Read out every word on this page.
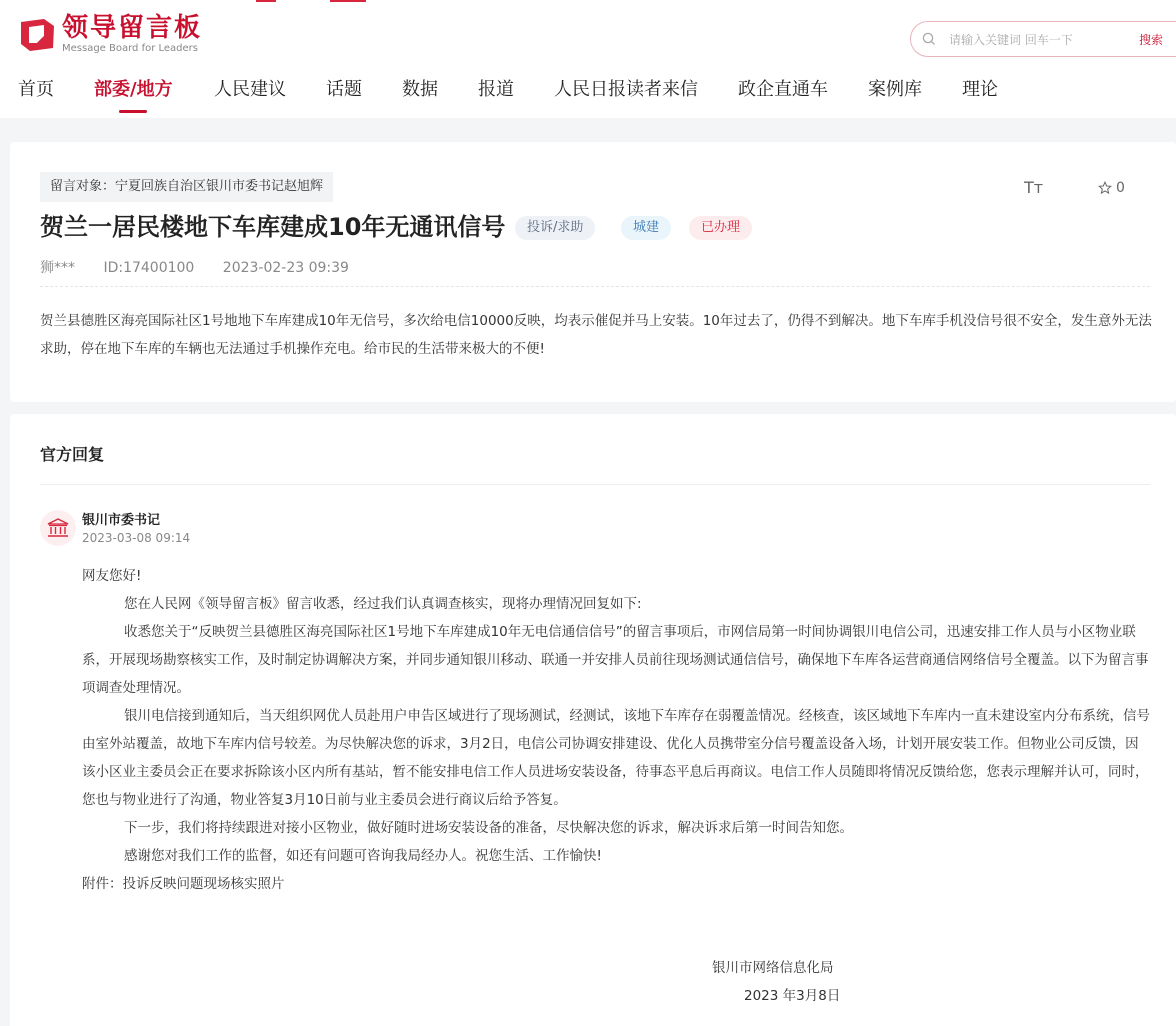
领导留言板
Message Board for Leaders
请输入关键词 回车一下
搜索
首页 部委/地方 人民建议 话题 数据 报道 人民日报读者来信 政企直通车 案例库 理论
留言对象：宁夏回族自治区银川市委书记赵旭辉	Tт	0
贺兰一居民楼地下车库建成10年无通讯信号	投诉/求助	城建	已办理
狮*** ID:17400100 2023-02-23 09:39
贺兰县德胜区海亮国际社区1号地地下车库建成10年无信号，多次给电信10000反映，均表示催促并马上安装。10年过去了，仍得不到解决。地下车库手机没信号很不安全，发生意外无法求助，停在地下车库的车辆也无法通过手机操作充电。给市民的生活带来极大的不便!
官方回复
银川市委书记
2023-03-08 09:14

网友您好!

您在人民网《领导留言板》留言收悉，经过我们认真调查核实，现将办理情况回复如下:

收悉您关于“反映贺兰县德胜区海亮国际社区1号地下车库建成10年无电信通信信号”的留言事项后，市网信局第一时间协调银川电信公司，迅速安排工作人员与小区物业联系，开展现场勘察核实工作，及时制定协调解决方案，并同步通知银川移动、联通一并安排人员前往现场测试通信信号，确保地下车库各运营商通信网络信号全覆盖。以下为留言事项调查处理情况。

银川电信接到通知后，当天组织网优人员赴用户申告区域进行了现场测试，经测试，该地下车库存在弱覆盖情况。经核查，该区域地下车库内一直未建设室内分布系统，信号由室外站覆盖，故地下车库内信号较差。为尽快解决您的诉求，3月2日，电信公司协调安排建设、优化人员携带室分信号覆盖设备入场，计划开展安装工作。但物业公司反馈，因该小区业主委员会正在要求拆除该小区内所有基站，暂不能安排电信工作人员进场安装设备，待事态平息后再商议。电信工作人员随即将情况反馈给您，您表示理解并认可，同时，您也与物业进行了沟通，物业答复3月10日前与业主委员会进行商议后给予答复。

下一步，我们将持续跟进对接小区物业，做好随时进场安装设备的准备，尽快解决您的诉求，解决诉求后第一时间告知您。

感谢您对我们工作的监督，如还有问题可咨询我局经办人。祝您生活、工作愉快!

附件：投诉反映问题现场核实照片

银川市网络信息化局
2023 年3月8日
